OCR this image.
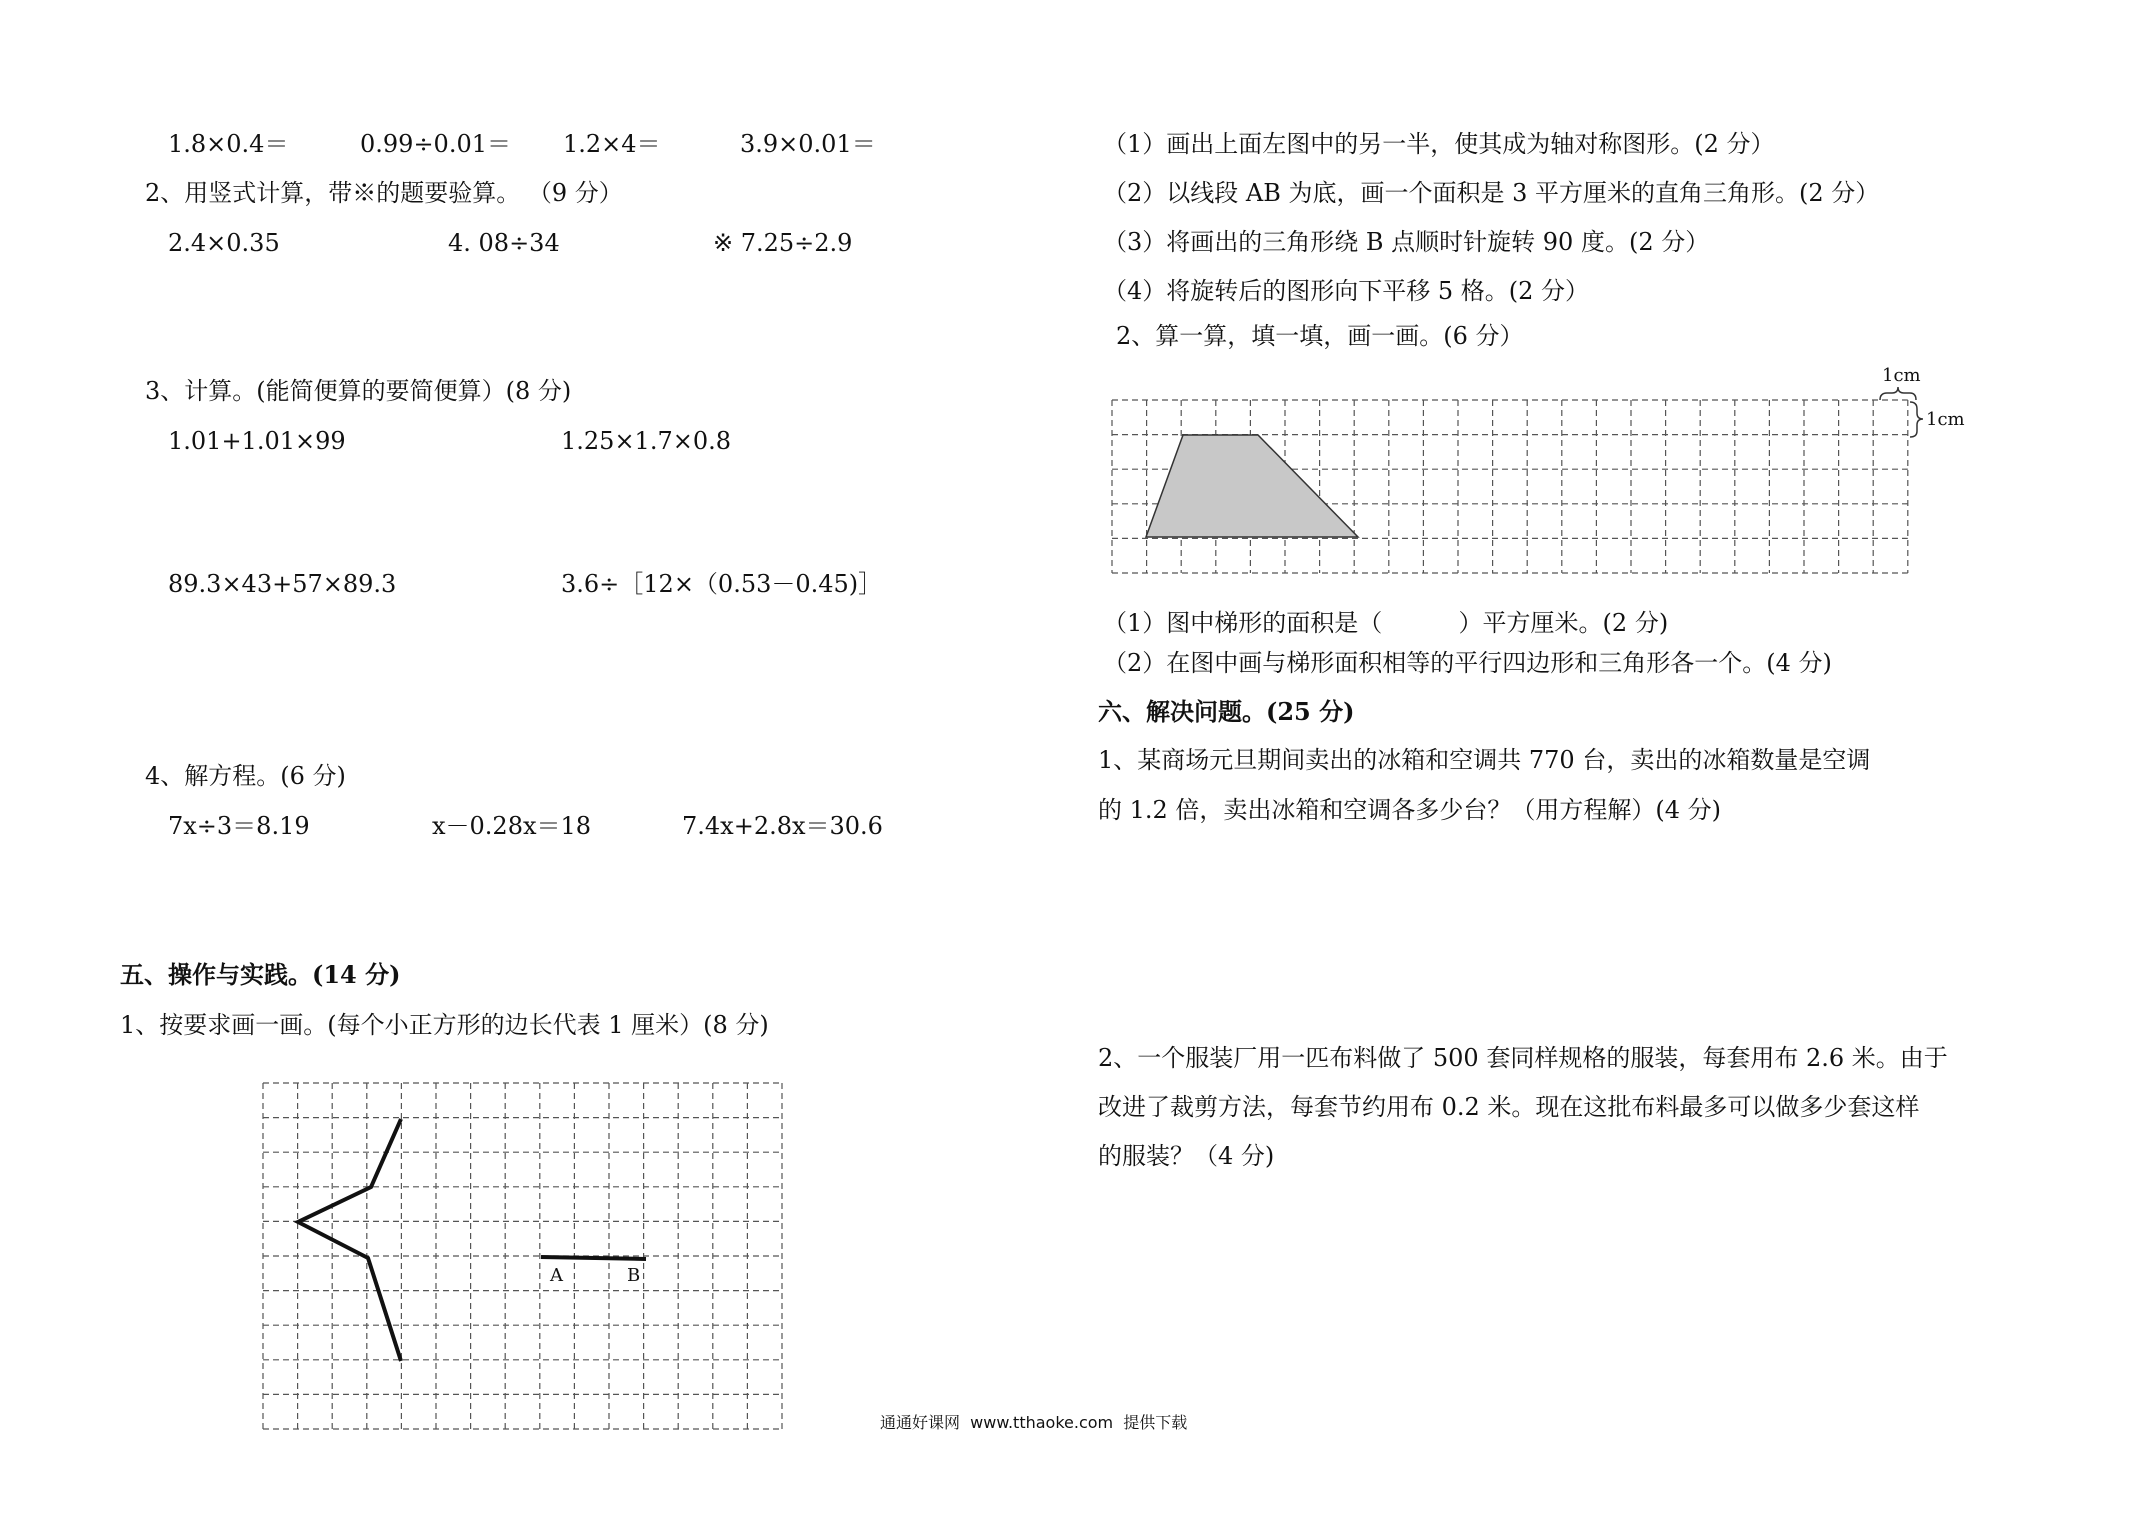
1.8×0.4＝	0.99÷0.01＝ 1.2×4＝	3.9×0.01＝
2、用竖式计算，带※的题要验算。 （9 分）
2.4×0.35	4. 08÷34	※ 7.25÷2.9
3、计算。(能简便算的要简便算）(8 分)
1.01+1.01×99	1.25×1.7×0.8
89.3×43+57×89.3	3.6÷［12×（0.53－0.45)］
4、解方程。(6 分)
7x÷3＝8.19	x－0.28x＝18	7.4x+2.8x＝30.6
五、操作与实践。(14 分)
1、按要求画一画。(每个小正方形的边长代表 1 厘米）(8 分)
A	B
（1）画出上面左图中的另一半，使其成为轴对称图形。(2 分）
（2）以线段 AB 为底，画一个面积是 3 平方厘米的直角三角形。(2 分）
（3）将画出的三角形绕 B 点顺时针旋转 90 度。(2 分）
（4）将旋转后的图形向下平移 5 格。(2 分）
2、算一算，填一填，画一画。(6 分）
1cm
1cm
（1）图中梯形的面积是（          ）平方厘米。(2 分)
（2）在图中画与梯形面积相等的平行四边形和三角形各一个。(4 分)
六、解决问题。(25 分)
1、某商场元旦期间卖出的冰箱和空调共 770 台，卖出的冰箱数量是空调
的 1.2 倍，卖出冰箱和空调各多少台？（用方程解）(4 分)
2、一个服装厂用一匹布料做了 500 套同样规格的服装，每套用布 2.6 米。由于
改进了裁剪方法，每套节约用布 0.2 米。现在这批布料最多可以做多少套这样
的服装？（4 分)
通通好课网  www.tthaoke.com  提供下载
